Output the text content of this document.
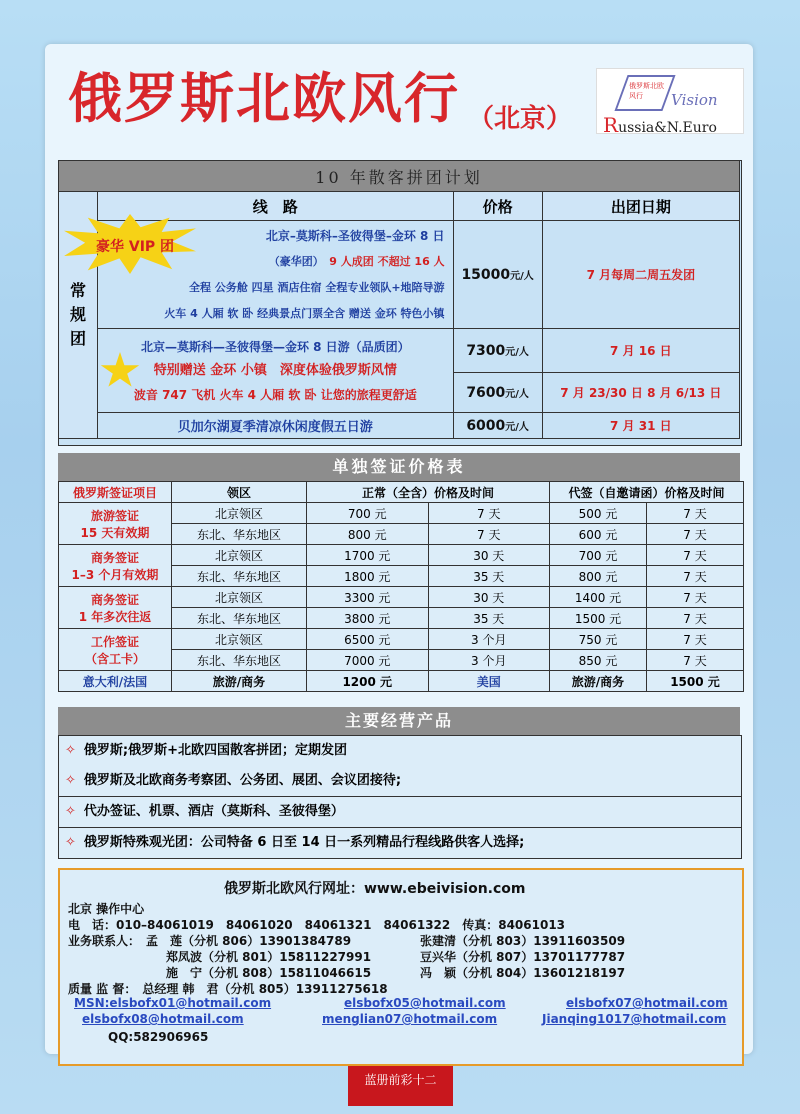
俄罗斯北欧风行 （北京）
俄罗斯北欧风行	Vision
Russia&N.Euro
10 年散客拼团计划			

常规团	线　路	价格	出团日期

	北京–莫斯科–圣彼得堡–金环 8 日
（豪华团）　 9 人成团 不超过 16 人
全程 公务舱 四星 酒店住宿 全程专业领队+地陪导游
火车 4 人厢 软 卧 经典景点门票全含 赠送 金环 特色小镇	15000元/人	7 月每周二周五发团

	北京—莫斯科—圣彼得堡—金环 8 日游（品质团）
特别赠送 金环 小镇　深度体验俄罗斯风情
波音 747 飞机 火车 4 人厢 软 卧 让您的旅程更舒适	7300元/人	7 月 16 日
		7600元/人	7 月 23/30 日 8 月 6/13 日
	贝加尔湖夏季清凉休闲度假五日游	6000元/人	7 月 31 日
豪华 VIP 团
单独签证价格表
俄罗斯签证项目	领区	正常（全含）价格及时间		代签（自邀请函）价格及时间	

旅游签证
15 天有效期	北京领区	700 元	7 天	500 元	7 天
	东北、华东地区	800 元	7 天	600 元	7 天

商务签证
1–3 个月有效期	北京领区	1700 元	30 天	700 元	7 天
	东北、华东地区	1800 元	35 天	800 元	7 天

商务签证
1 年多次往返	北京领区	3300 元	30 天	1400 元	7 天
	东北、华东地区	3800 元	35 天	1500 元	7 天

工作签证
（含工卡）	北京领区	6500 元	3 个月	750 元	7 天
	东北、华东地区	7000 元	3 个月	850 元	7 天
意大利/法国	旅游/商务	1200 元	美国	旅游/商务	1500 元
主要经营产品
✧ 俄罗斯;俄罗斯+北欧四国散客拼团；定期发团
✧ 俄罗斯及北欧商务考察团、公务团、展团、会议团接待;
✧ 代办签证、机票、酒店（莫斯科、圣彼得堡）
✧ 俄罗斯特殊观光团：公司特备 6 日至 14 日一系列精品行程线路供客人选择;
俄罗斯北欧风行网址：www.ebeivision.com
北京 操作中心
电　话：010–84061019　84061020　84061321　84061322　传真：84061013
业务联系人：　孟　莲（分机 806）13901384789	张建清（分机 803）13911603509
郑凤波（分机 801）15811227991	豆兴华（分机 807）13701177787
施　宁（分机 808）15811046615	冯　颖（分机 804）13601218197
质量 监 督：　总经理 韩　君（分机 805）13911275618
MSN:elsbofx01@hotmail.com	elsbofx05@hotmail.com	elsbofx07@hotmail.com
elsbofx08@hotmail.com	menglian07@hotmail.com	Jianqing1017@hotmail.com
QQ:582906965
蓝册前彩十二
